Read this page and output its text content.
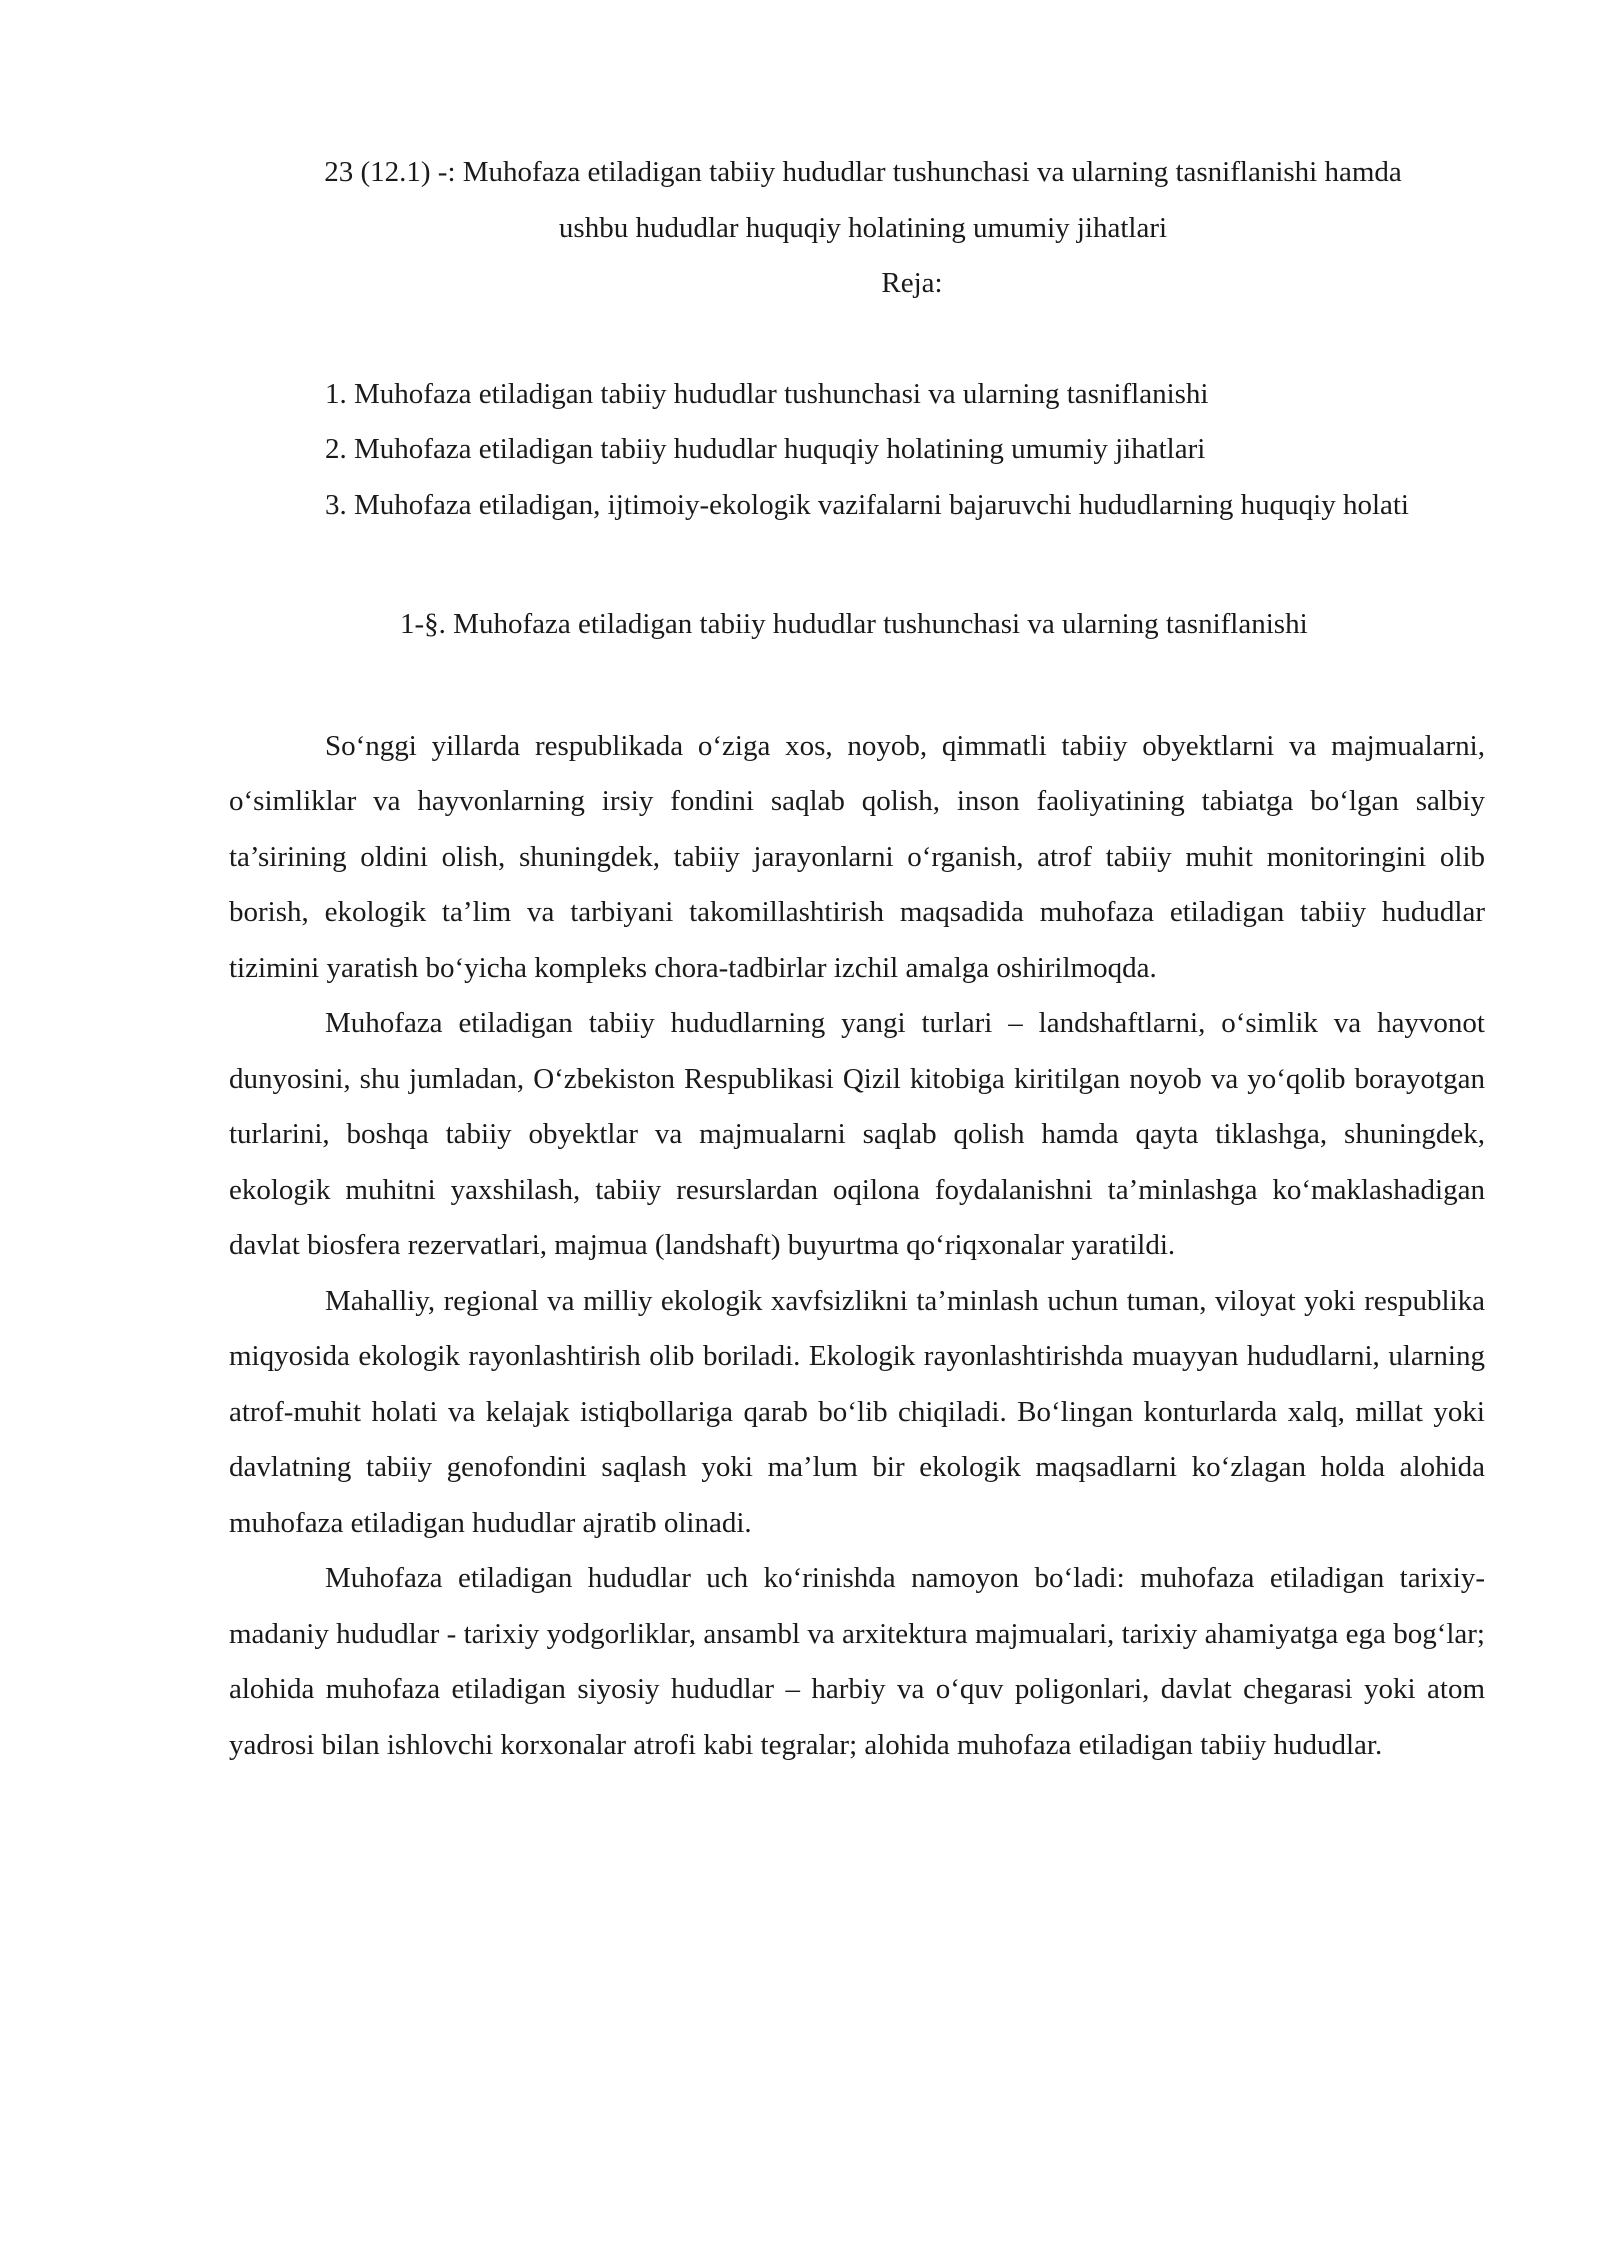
23 (12.1) -: Muhofaza etiladigan tabiiy hududlar tushunchasi va ularning tasniflanishi hamda
ushbu hududlar huquqiy holatining umumiy jihatlari

Reja:

1. Muhofaza etiladigan tabiiy hududlar tushunchasi va ularning tasniflanishi
2. Muhofaza etiladigan tabiiy hududlar huquqiy holatining umumiy jihatlari
3. Muhofaza etiladigan, ijtimoiy-ekologik vazifalarni bajaruvchi hududlarning huquqiy holati
1-§. Muhofaza etiladigan tabiiy hududlar tushunchasi va ularning tasniflanishi

So‘nggi yillarda respublikada o‘ziga xos, noyob, qimmatli tabiiy obyektlarni va majmualarni, o‘simliklar va hayvonlarning irsiy fondini saqlab qolish, inson faoliyatining tabiatga bo‘lgan salbiy ta’sirining oldini olish, shuningdek, tabiiy jarayonlarni o‘rganish, atrof tabiiy muhit monitoringini olib borish, ekologik ta’lim va tarbiyani takomillashtirish maqsadida muhofaza etiladigan tabiiy hududlar tizimini yaratish bo‘yicha kompleks chora-tadbirlar izchil amalga oshirilmoqda.

Muhofaza etiladigan tabiiy hududlarning yangi turlari – landshaftlarni, o‘simlik va hayvonot dunyosini, shu jumladan, O‘zbekiston Respublikasi Qizil kitobiga kiritilgan noyob va yo‘qolib borayotgan turlarini, boshqa tabiiy obyektlar va majmualarni saqlab qolish hamda qayta tiklashga, shuningdek, ekologik muhitni yaxshilash, tabiiy resurslardan oqilona foydalanishni ta’minlashga ko‘maklashadigan davlat biosfera rezervatlari, majmua (landshaft) buyurtma qo‘riqxonalar yaratildi.

Mahalliy, regional va milliy ekologik xavfsizlikni ta’minlash uchun tuman, viloyat yoki respublika miqyosida ekologik rayonlashtirish olib boriladi. Ekologik rayonlashtirishda muayyan hududlarni, ularning atrof-muhit holati va kelajak istiqbollariga qarab bo‘lib chiqiladi. Bo‘lingan konturlarda xalq, millat yoki davlatning tabiiy genofondini saqlash yoki ma’lum bir ekologik maqsadlarni ko‘zlagan holda alohida muhofaza etiladigan hududlar ajratib olinadi.

Muhofaza etiladigan hududlar uch ko‘rinishda namoyon bo‘ladi: muhofaza etiladigan tarixiy-madaniy hududlar - tarixiy yodgorliklar, ansambl va arxitektura majmualari, tarixiy ahamiyatga ega bog‘lar; alohida muhofaza etiladigan siyosiy hududlar – harbiy va o‘quv poligonlari, davlat chegarasi yoki atom yadrosi bilan ishlovchi korxonalar atrofi kabi tegralar; alohida muhofaza etiladigan tabiiy hududlar.
